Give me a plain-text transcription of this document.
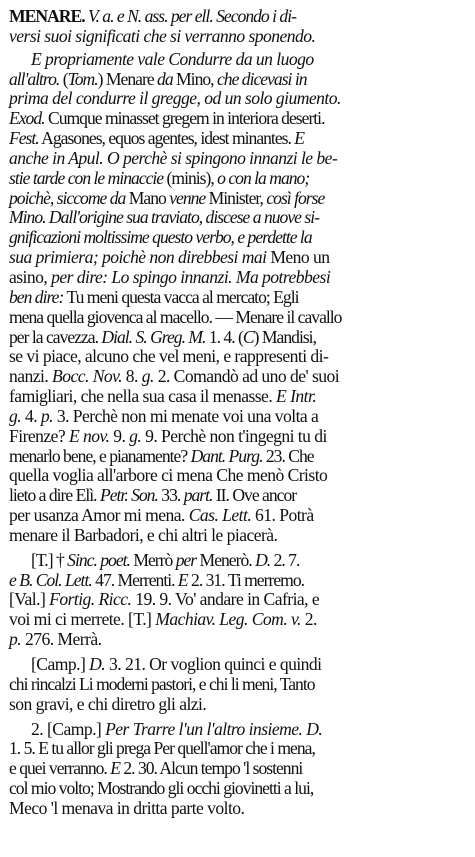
MENARE. V. a. e N. ass. per ell. Secondo i di-
versi suoi significati che si verranno sponendo.
E propriamente vale Condurre da un luogo
all'altro. (Tom.) Menare da Mino, che dicevasi in
prima del condurre il gregge, od un solo giumento.
Exod. Cumque minasset gregem in interiora deserti.
Fest. Agasones, equos agentes, idest minantes. E
anche in Apul. O perchè si spingono innanzi le be-
stie tarde con le minaccie (minis), o con la mano;
poichè, siccome da Mano venne Minister, così forse
Mino. Dall'origine sua traviato, discese a nuove si-
gnificazioni moltissime questo verbo, e perdette la
sua primiera; poichè non direbbesi mai Meno un
asino, per dire: Lo spingo innanzi. Ma potrebbesi
ben dire: Tu meni questa vacca al mercato; Egli
mena quella giovenca al macello. — Menare il cavallo
per la cavezza. Dial. S. Greg. M. 1. 4. (C) Mandisi,
se vi piace, alcuno che vel meni, e rappresenti di-
nanzi. Bocc. Nov. 8. g. 2. Comandò ad uno de' suoi
famigliari, che nella sua casa il menasse. E Intr.
g. 4. p. 3. Perchè non mi menate voi una volta a
Firenze? E nov. 9. g. 9. Perchè non t'ingegni tu di
menarlo bene, e pianamente? Dant. Purg. 23. Che
quella voglia all'arbore ci mena Che menò Cristo
lieto a dire Elì. Petr. Son. 33. part. II. Ove ancor
per usanza Amor mi mena. Cas. Lett. 61. Potrà
menare il Barbadori, e chi altri le piacerà.
[T.] † Sinc. poet. Merrò per Menerò. D. 2. 7.
e B. Col. Lett. 47. Merrenti. E 2. 31. Ti merremo.
[Val.] Fortig. Ricc. 19. 9. Vo' andare in Cafria, e
voi mi ci merrete. [T.] Machiav. Leg. Com. v. 2.
p. 276. Merrà.
[Camp.] D. 3. 21. Or voglion quinci e quindi
chi rincalzi Li moderni pastori, e chi li meni, Tanto
son gravi, e chi diretro gli alzi.
2. [Camp.] Per Trarre l'un l'altro insieme. D.
1. 5. E tu allor gli prega Per quell'amor che i mena,
e quei verranno. E 2. 30. Alcun tempo 'l sostenni
col mio volto; Mostrando gli occhi giovinetti a lui,
Meco 'l menava in dritta parte volto.
